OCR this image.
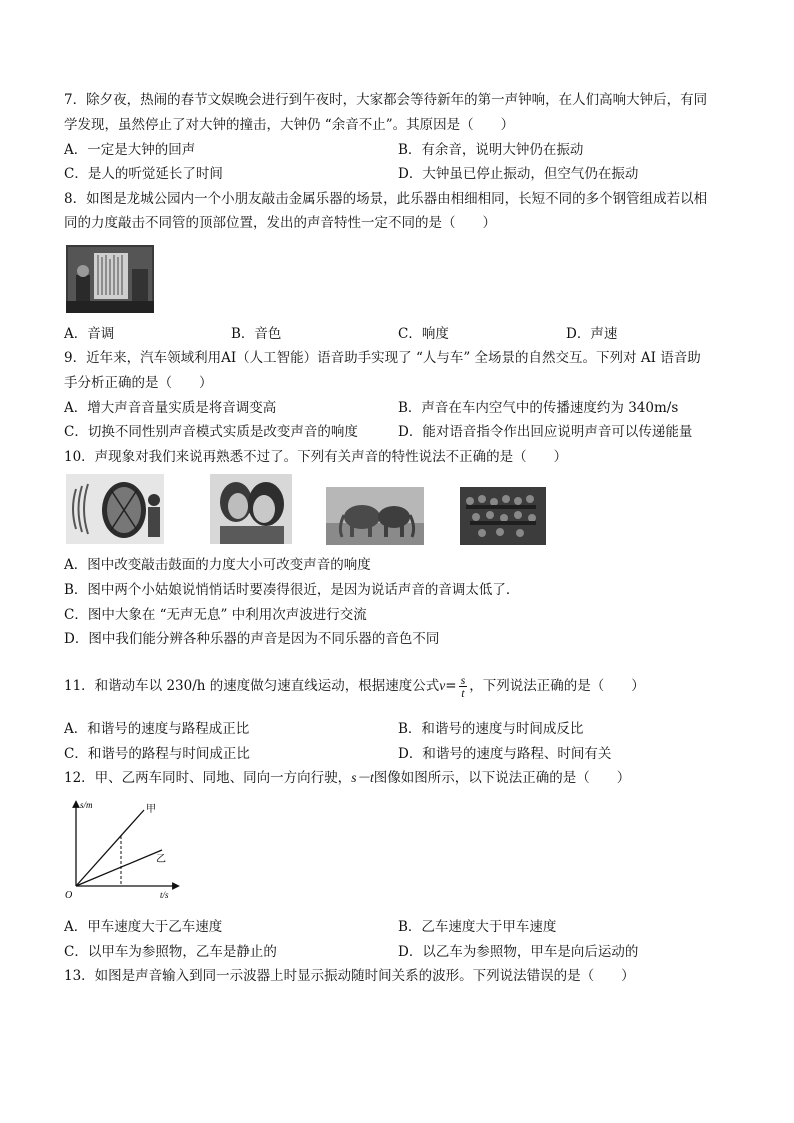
7．除夕夜，热闹的春节文娱晚会进行到午夜时，大家都会等待新年的第一声钟响，在人们高响大钟后，有同
学发现，虽然停止了对大钟的撞击，大钟仍 “余音不止”。其原因是（　　）
A．一定是大钟的回声	B．有余音，说明大钟仍在振动
C．是人的听觉延长了时间	D．大钟虽已停止振动，但空气仍在振动
8．如图是龙城公园内一个小朋友敲击金属乐器的场景，此乐器由相细相同，长短不同的多个钢管组成若以相
同的力度敲击不同管的顶部位置，发出的声音特性一定不同的是（　　）
A．音调	B．音色	C．响度	D．声速
9．近年来，汽车领域利用AI（人工智能）语音助手实现了 “人与车” 全场景的自然交互。下列对 AI 语音助
手分析正确的是（　　）
A．增大声音音量实质是将音调变高	B．声音在车内空气中的传播速度约为 340m/s
C．切换不同性别声音模式实质是改变声音的响度	D．能对语音指令作出回应说明声音可以传递能量
10．声现象对我们来说再熟悉不过了。下列有关声音的特性说法不正确的是（　　）
A．图中改变敲击鼓面的力度大小可改变声音的响度
B．图中两个小姑娘说悄悄话时要凑得很近，是因为说话声音的音调太低了．
C．图中大象在 “无声无息” 中利用次声波进行交流
D．图中我们能分辨各种乐器的声音是因为不同乐器的音色不同
11．和谐动车以 230/h 的速度做匀速直线运动，根据速度公式$v= \frac{s}{t}$ ，下列说法正确的是（　　）
A．和谐号的速度与路程成正比	B．和谐号的速度与时间成反比
C．和谐号的路程与时间成正比	D．和谐号的速度与路程、时间有关
12．甲、乙两车同时、同地、同向一方向行驶，s－t图像如图所示，以下说法正确的是（　　）
s/m
t/s
O
甲
乙
A．甲车速度大于乙车速度	B．乙车速度大于甲车速度
C．以甲车为参照物，乙车是静止的	D．以乙车为参照物，甲车是向后运动的
13．如图是声音输入到同一示波器上时显示振动随时间关系的波形。下列说法错误的是（　　）
